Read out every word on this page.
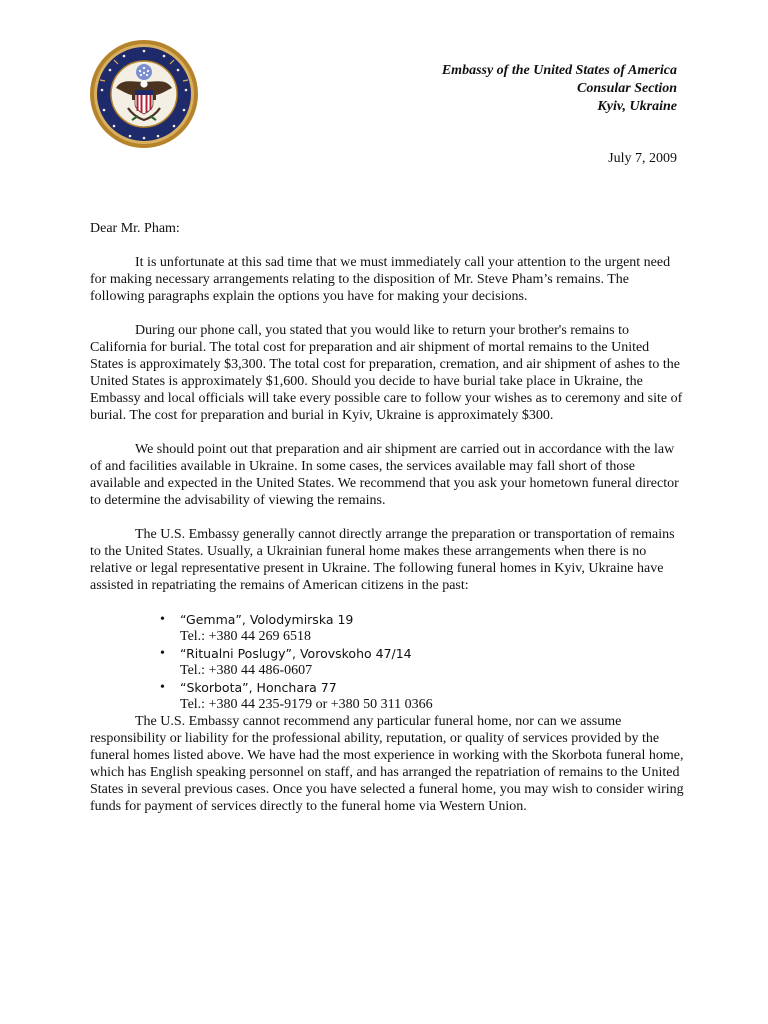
Embassy of the United States of America
Consular Section
Kyiv, Ukraine
July 7, 2009

Dear Mr. Pham:

It is unfortunate at this sad time that we must immediately call your attention to the urgent need for making necessary arrangements relating to the disposition of Mr. Steve Pham’s remains. The following paragraphs explain the options you have for making your decisions.

During our phone call, you stated that you would like to return your brother's remains to California for burial. The total cost for preparation and air shipment of mortal remains to the United States is approximately $3,300. The total cost for preparation, cremation, and air shipment of ashes to the United States is approximately $1,600. Should you decide to have burial take place in Ukraine, the Embassy and local officials will take every possible care to follow your wishes as to ceremony and site of burial. The cost for preparation and burial in Kyiv, Ukraine is approximately $300.

We should point out that preparation and air shipment are carried out in accordance with the law of and facilities available in Ukraine. In some cases, the services available may fall short of those available and expected in the United States. We recommend that you ask your hometown funeral director to determine the advisability of viewing the remains.

The U.S. Embassy generally cannot directly arrange the preparation or transportation of remains to the United States. Usually, a Ukrainian funeral home makes these arrangements when there is no relative or legal representative present in Ukraine. The following funeral homes in Kyiv, Ukraine have assisted in repatriating the remains of American citizens in the past:

• “Gemma”, Volodymirska 19
Tel.: +380 44 269 6518
• “Ritualni Poslugy”, Vorovskoho 47/14
Tel.: +380 44 486-0607
• “Skorbota”, Honchara 77
Tel.: +380 44 235-9179 or +380 50 311 0366

The U.S. Embassy cannot recommend any particular funeral home, nor can we assume responsibility or liability for the professional ability, reputation, or quality of services provided by the funeral homes listed above. We have had the most experience in working with the Skorbota funeral home, which has English speaking personnel on staff, and has arranged the repatriation of remains to the United States in several previous cases. Once you have selected a funeral home, you may wish to consider wiring funds for payment of services directly to the funeral home via Western Union.
